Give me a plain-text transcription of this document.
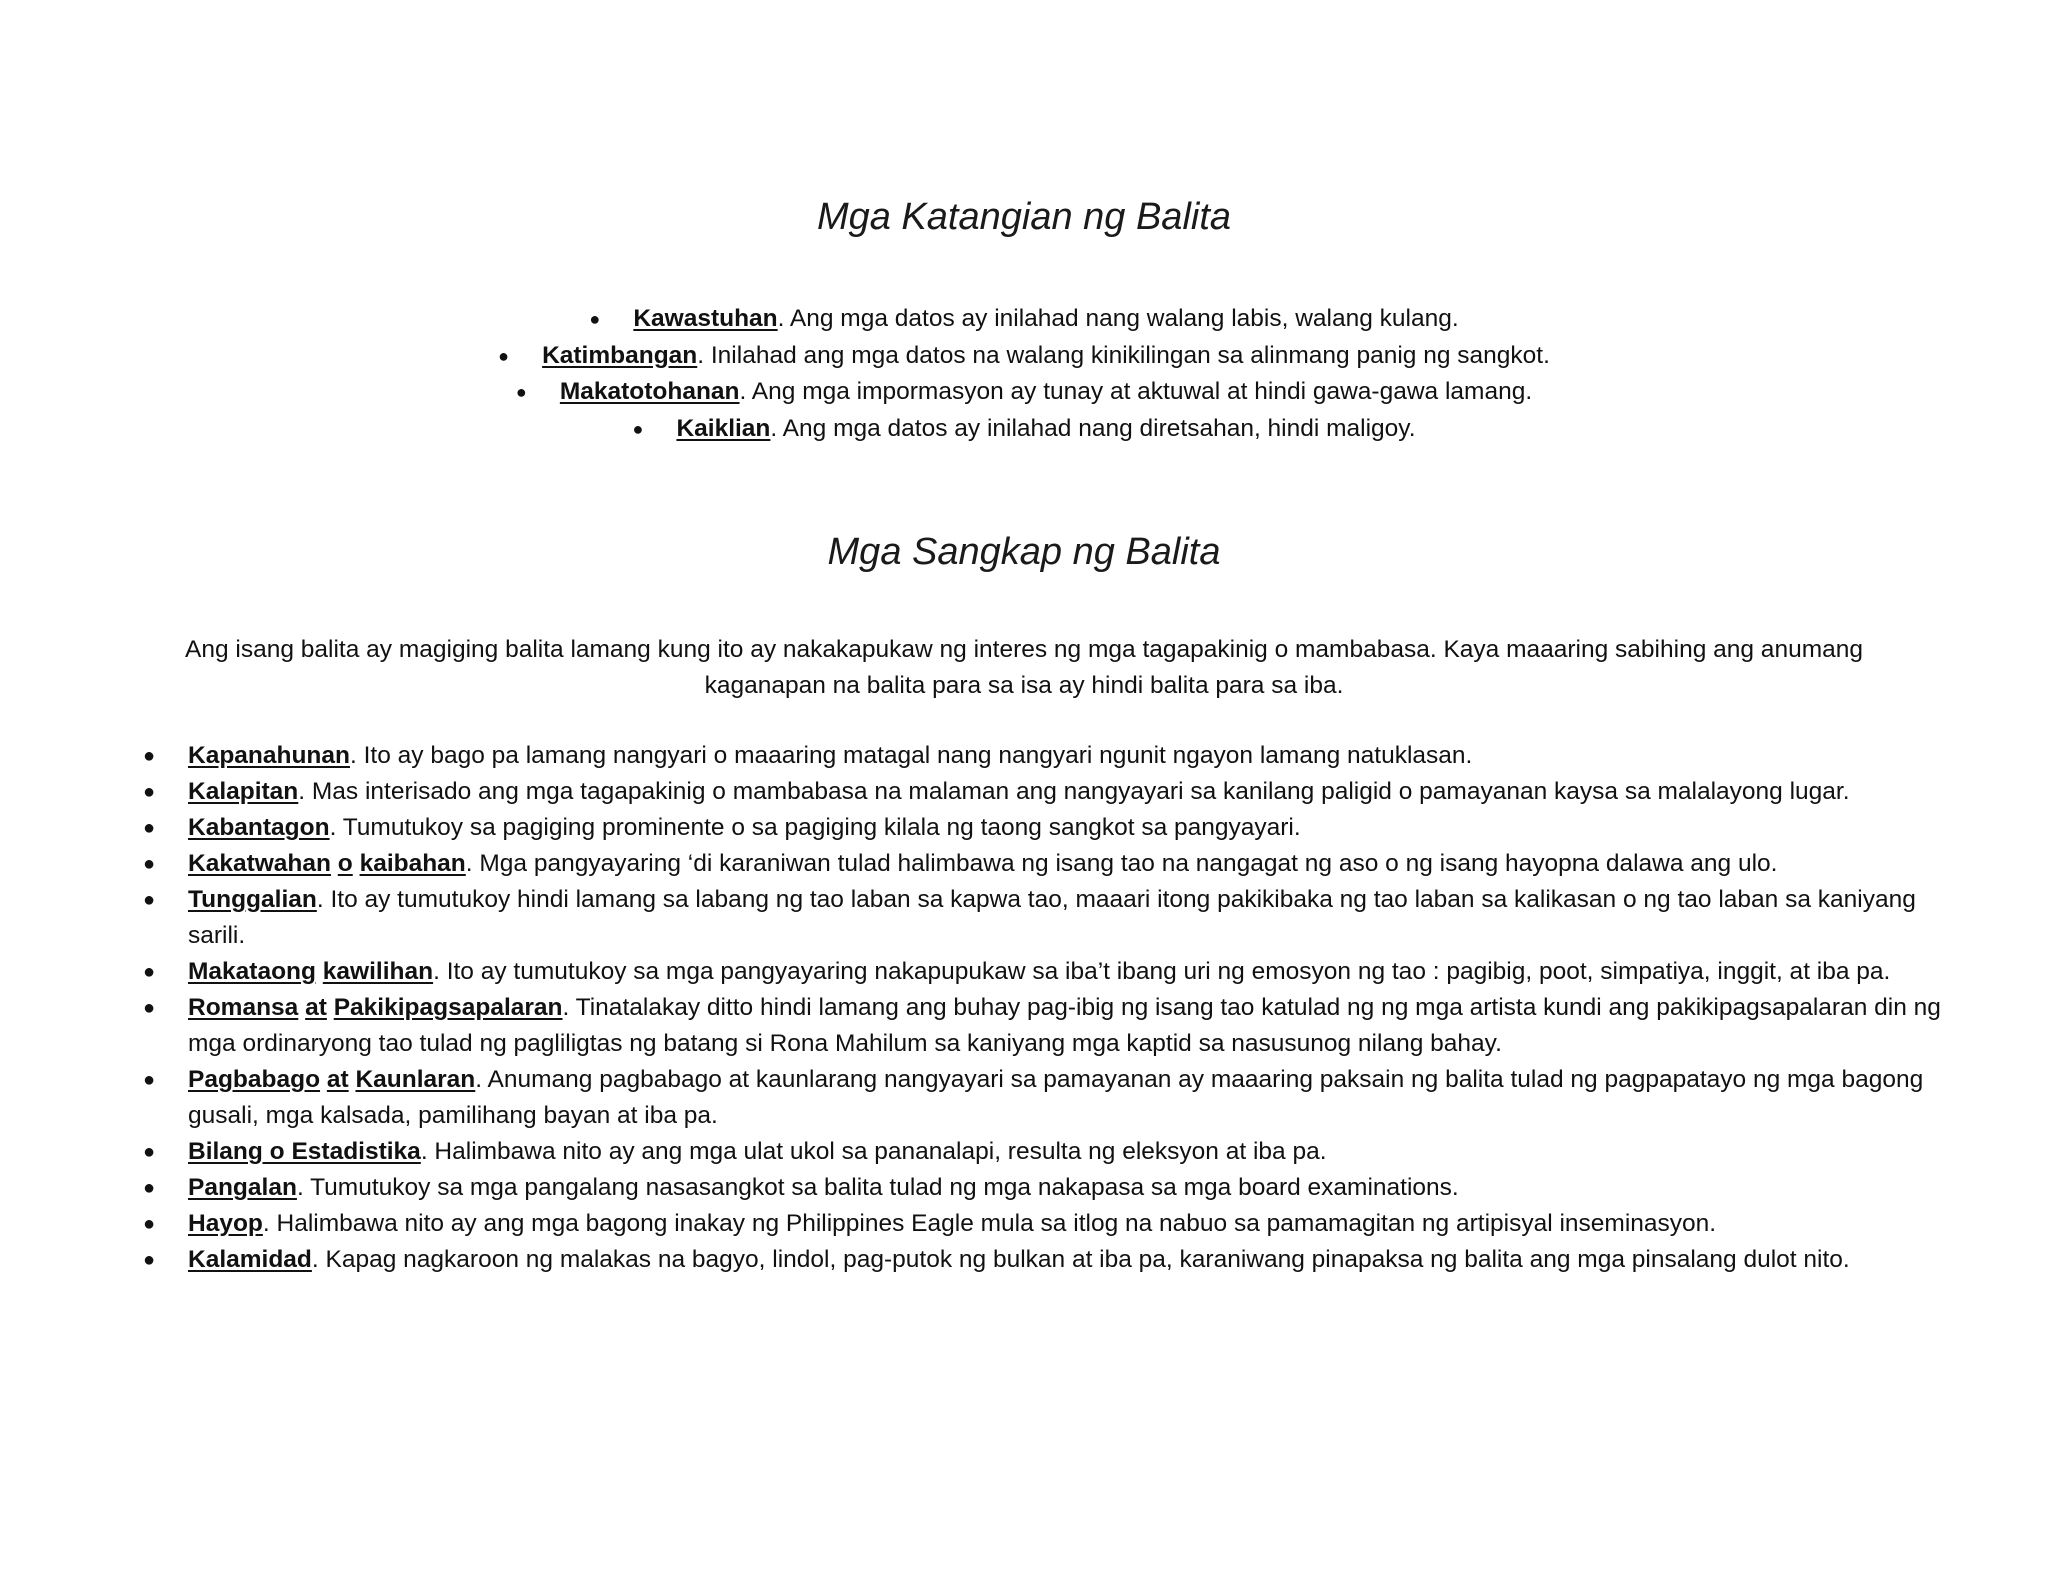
Mga Katangian ng Balita
● Kawastuhan. Ang mga datos ay inilahad nang walang labis, walang kulang.
● Katimbangan. Inilahad ang mga datos na walang kinikilingan sa alinmang panig ng sangkot.
● Makatotohanan. Ang mga impormasyon ay tunay at aktuwal at hindi gawa-gawa lamang.
● Kaiklian. Ang mga datos ay inilahad nang diretsahan, hindi maligoy.
Mga Sangkap ng Balita

Ang isang balita ay magiging balita lamang kung ito ay nakakapukaw ng interes ng mga tagapakinig o mambabasa. Kaya maaaring sabihing ang anumang kaganapan na balita para sa isa ay hindi balita para sa iba.

● Kapanahunan. Ito ay bago pa lamang nangyari o maaaring matagal nang nangyari ngunit ngayon lamang natuklasan.
● Kalapitan. Mas interisado ang mga tagapakinig o mambabasa na malaman ang nangyayari sa kanilang paligid o pamayanan kaysa sa malalayong lugar.
● Kabantagon. Tumutukoy sa pagiging prominente o sa pagiging kilala ng taong sangkot sa pangyayari.
● Kakatwahan o kaibahan. Mga pangyayaring ‘di karaniwan tulad halimbawa ng isang tao na nangagat ng aso o ng isang hayopna dalawa ang ulo.
● Tunggalian. Ito ay tumutukoy hindi lamang sa labang ng tao laban sa kapwa tao, maaari itong pakikibaka ng tao laban sa kalikasan o ng tao laban sa kaniyang sarili.
● Makataong kawilihan. Ito ay tumutukoy sa mga pangyayaring nakapupukaw sa iba’t ibang uri ng emosyon ng tao : pagibig, poot, simpatiya, inggit, at iba pa.
● Romansa at Pakikipagsapalaran. Tinatalakay ditto hindi lamang ang buhay pag-ibig ng isang tao katulad ng ng mga artista kundi ang pakikipagsapalaran din ng mga ordinaryong tao tulad ng pagliligtas ng batang si Rona Mahilum sa kaniyang mga kaptid sa nasusunog nilang bahay.
● Pagbabago at Kaunlaran. Anumang pagbabago at kaunlarang nangyayari sa pamayanan ay maaaring paksain ng balita tulad ng pagpapatayo ng mga bagong gusali, mga kalsada, pamilihang bayan at iba pa.
● Bilang o Estadistika. Halimbawa nito ay ang mga ulat ukol sa pananalapi, resulta ng eleksyon at iba pa.
● Pangalan. Tumutukoy sa mga pangalang nasasangkot sa balita tulad ng mga nakapasa sa mga board examinations.
● Hayop. Halimbawa nito ay ang mga bagong inakay ng Philippines Eagle mula sa itlog na nabuo sa pamamagitan ng artipisyal inseminasyon.
● Kalamidad. Kapag nagkaroon ng malakas na bagyo, lindol, pag-putok ng bulkan at iba pa, karaniwang pinapaksa ng balita ang mga pinsalang dulot nito.
